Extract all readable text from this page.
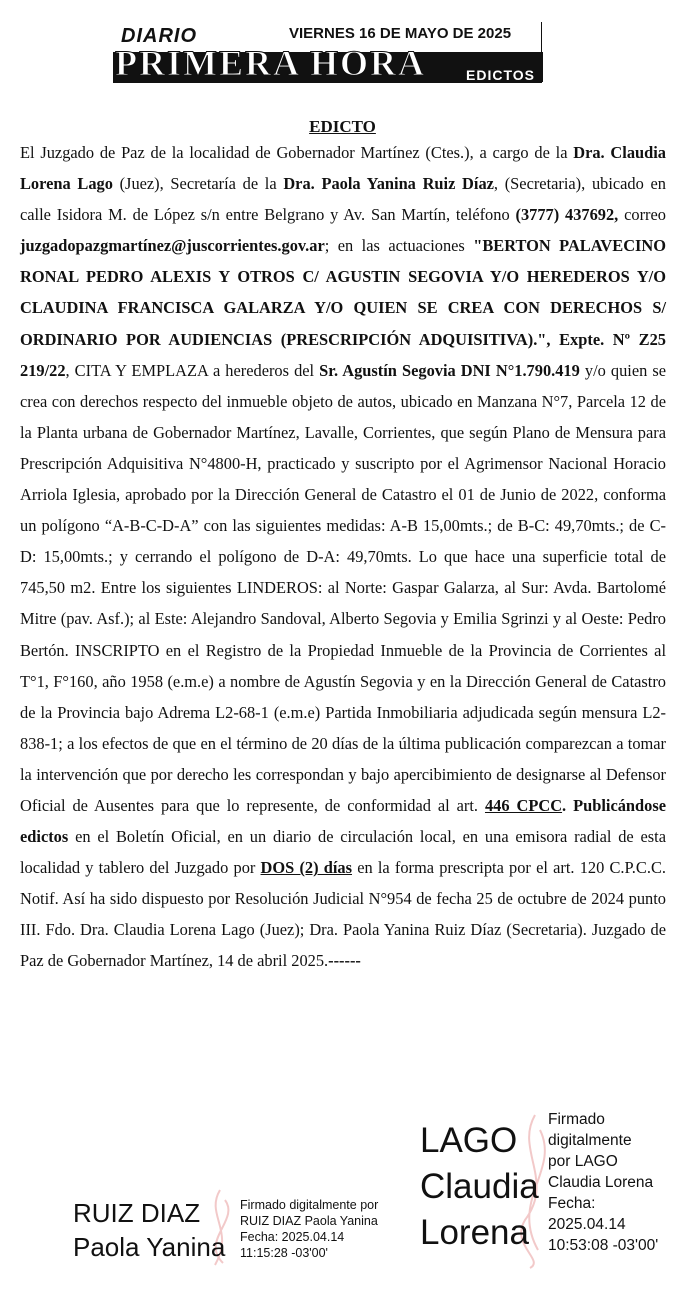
DIARIO
PRIMERA HORA	EDICTOS
VIERNES 16 DE MAYO DE 2025
EDICTO
El Juzgado de Paz de la localidad de Gobernador Martínez (Ctes.), a cargo de la Dra. Claudia Lorena Lago (Juez), Secretaría de la Dra. Paola Yanina Ruiz Díaz, (Secretaria), ubicado en calle Isidora M. de López s/n entre Belgrano y Av. San Martín, teléfono (3777) 437692, correo juzgadopazgmartínez@juscorrientes.gov.ar; en las actuaciones "BERTON PALAVECINO RONAL PEDRO ALEXIS Y OTROS C/ AGUSTIN SEGOVIA Y/O HEREDEROS Y/O CLAUDINA FRANCISCA GALARZA Y/O QUIEN SE CREA CON DERECHOS S/ ORDINARIO POR AUDIENCIAS (PRESCRIPCIÓN ADQUISITIVA).", Expte. Nº Z25 219/22, CITA Y EMPLAZA a herederos del Sr. Agustín Segovia DNI N°1.790.419 y/o quien se crea con derechos respecto del inmueble objeto de autos, ubicado en Manzana N°7, Parcela 12 de la Planta urbana de Gobernador Martínez, Lavalle, Corrientes, que según Plano de Mensura para Prescripción Adquisitiva N°4800-H, practicado y suscripto por el Agrimensor Nacional Horacio Arriola Iglesia, aprobado por la Dirección General de Catastro el 01 de Junio de 2022, conforma un polígono “A-B-C-D-A” con las siguientes medidas: A-B 15,00mts.; de B-C: 49,70mts.; de C-D: 15,00mts.; y cerrando el polígono de D-A: 49,70mts. Lo que hace una superficie total de 745,50 m2. Entre los siguientes LINDEROS: al Norte: Gaspar Galarza, al Sur: Avda. Bartolomé Mitre (pav. Asf.); al Este: Alejandro Sandoval, Alberto Segovia y Emilia Sgrinzi y al Oeste: Pedro Bertón. INSCRIPTO en el Registro de la Propiedad Inmueble de la Provincia de Corrientes al T°1, F°160, año 1958 (e.m.e) a nombre de Agustín Segovia y en la Dirección General de Catastro de la Provincia bajo Adrema L2-68-1 (e.m.e) Partida Inmobiliaria adjudicada según mensura L2-838-1; a los efectos de que en el término de 20 días de la última publicación comparezcan a tomar la intervención que por derecho les correspondan y bajo apercibimiento de designarse al Defensor Oficial de Ausentes para que lo represente, de conformidad al art. 446 CPCC. Publicándose edictos en el Boletín Oficial, en un diario de circulación local, en una emisora radial de esta localidad y tablero del Juzgado por DOS (2) días en la forma prescripta por el art. 120 C.P.C.C. Notif. Así ha sido dispuesto por Resolución Judicial N°954 de fecha 25 de octubre de 2024 punto III. Fdo. Dra. Claudia Lorena Lago (Juez); Dra. Paola Yanina Ruiz Díaz (Secretaria). Juzgado de Paz de Gobernador Martínez, 14 de abril 2025.------
RUIZ DIAZ
Paola Yanina
Firmado digitalmente por
RUIZ DIAZ Paola Yanina
Fecha: 2025.04.14
11:15:28 -03'00'
LAGO
Claudia
Lorena
Firmado
digitalmente
por LAGO
Claudia Lorena
Fecha:
2025.04.14
10:53:08 -03'00'
